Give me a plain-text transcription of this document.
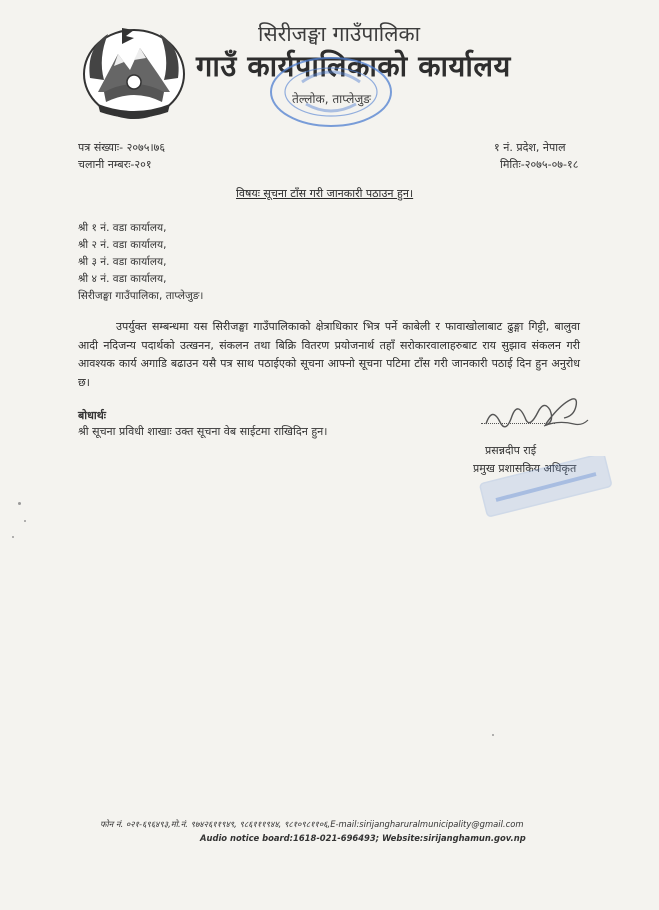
सिरीजङ्घा गाउँपालिका
गाउँ कार्यपालिकाको कार्यालय
तेल्लोक, ताप्लेजुङ
पत्र संख्याः- २०७५।७६
चलानी नम्बरः-२०१
१ नं. प्रदेश, नेपाल
मितिः-२०७५-०७-१८
विषयः सूचना टाँस गरी जानकारी पठाउन हुन।
श्री १ नं. वडा कार्यालय,
श्री २ नं. वडा कार्यालय,
श्री ३ नं. वडा कार्यालय,
श्री ४ नं. वडा कार्यालय,
सिरीजङ्घा गाउँपालिका, ताप्लेजुङ।
उपर्युक्त सम्बन्धमा यस सिरीजङ्घा गाउँपालिकाको क्षेत्राधिकार भित्र पर्ने काबेली र फावाखोलाबाट ढुङ्गा गिट्टी, बालुवा आदी नदिजन्य पदार्थको उत्खनन, संकलन तथा बिक्रि वितरण प्रयोजनार्थ तहाँ सरोकारवालाहरुबाट राय सुझाव संकलन गरी आवश्यक कार्य अगाडि बढाउन यसै पत्र साथ पठाईएको सूचना आफ्नो सूचना पटिमा टाँस गरी जानकारी पठाई दिन हुन अनुरोध छ।
बोधार्थः
श्री सूचना प्रविधी शाखाः उक्त सूचना वेब साईटमा राखिदिन हुन।
प्रसन्नदीप राई
प्रमुख प्रशासकिय अधिकृत
फोन नं. ०२१-६९६४९३,मो.नं. ९७४२६११९४९, ९८६१११९४४, ९८१०९८११०६,E-mail:sirijangharuralmunicipality@gmail.com
Audio notice board:1618-021-696493; Website:sirijanghamun.gov.np
